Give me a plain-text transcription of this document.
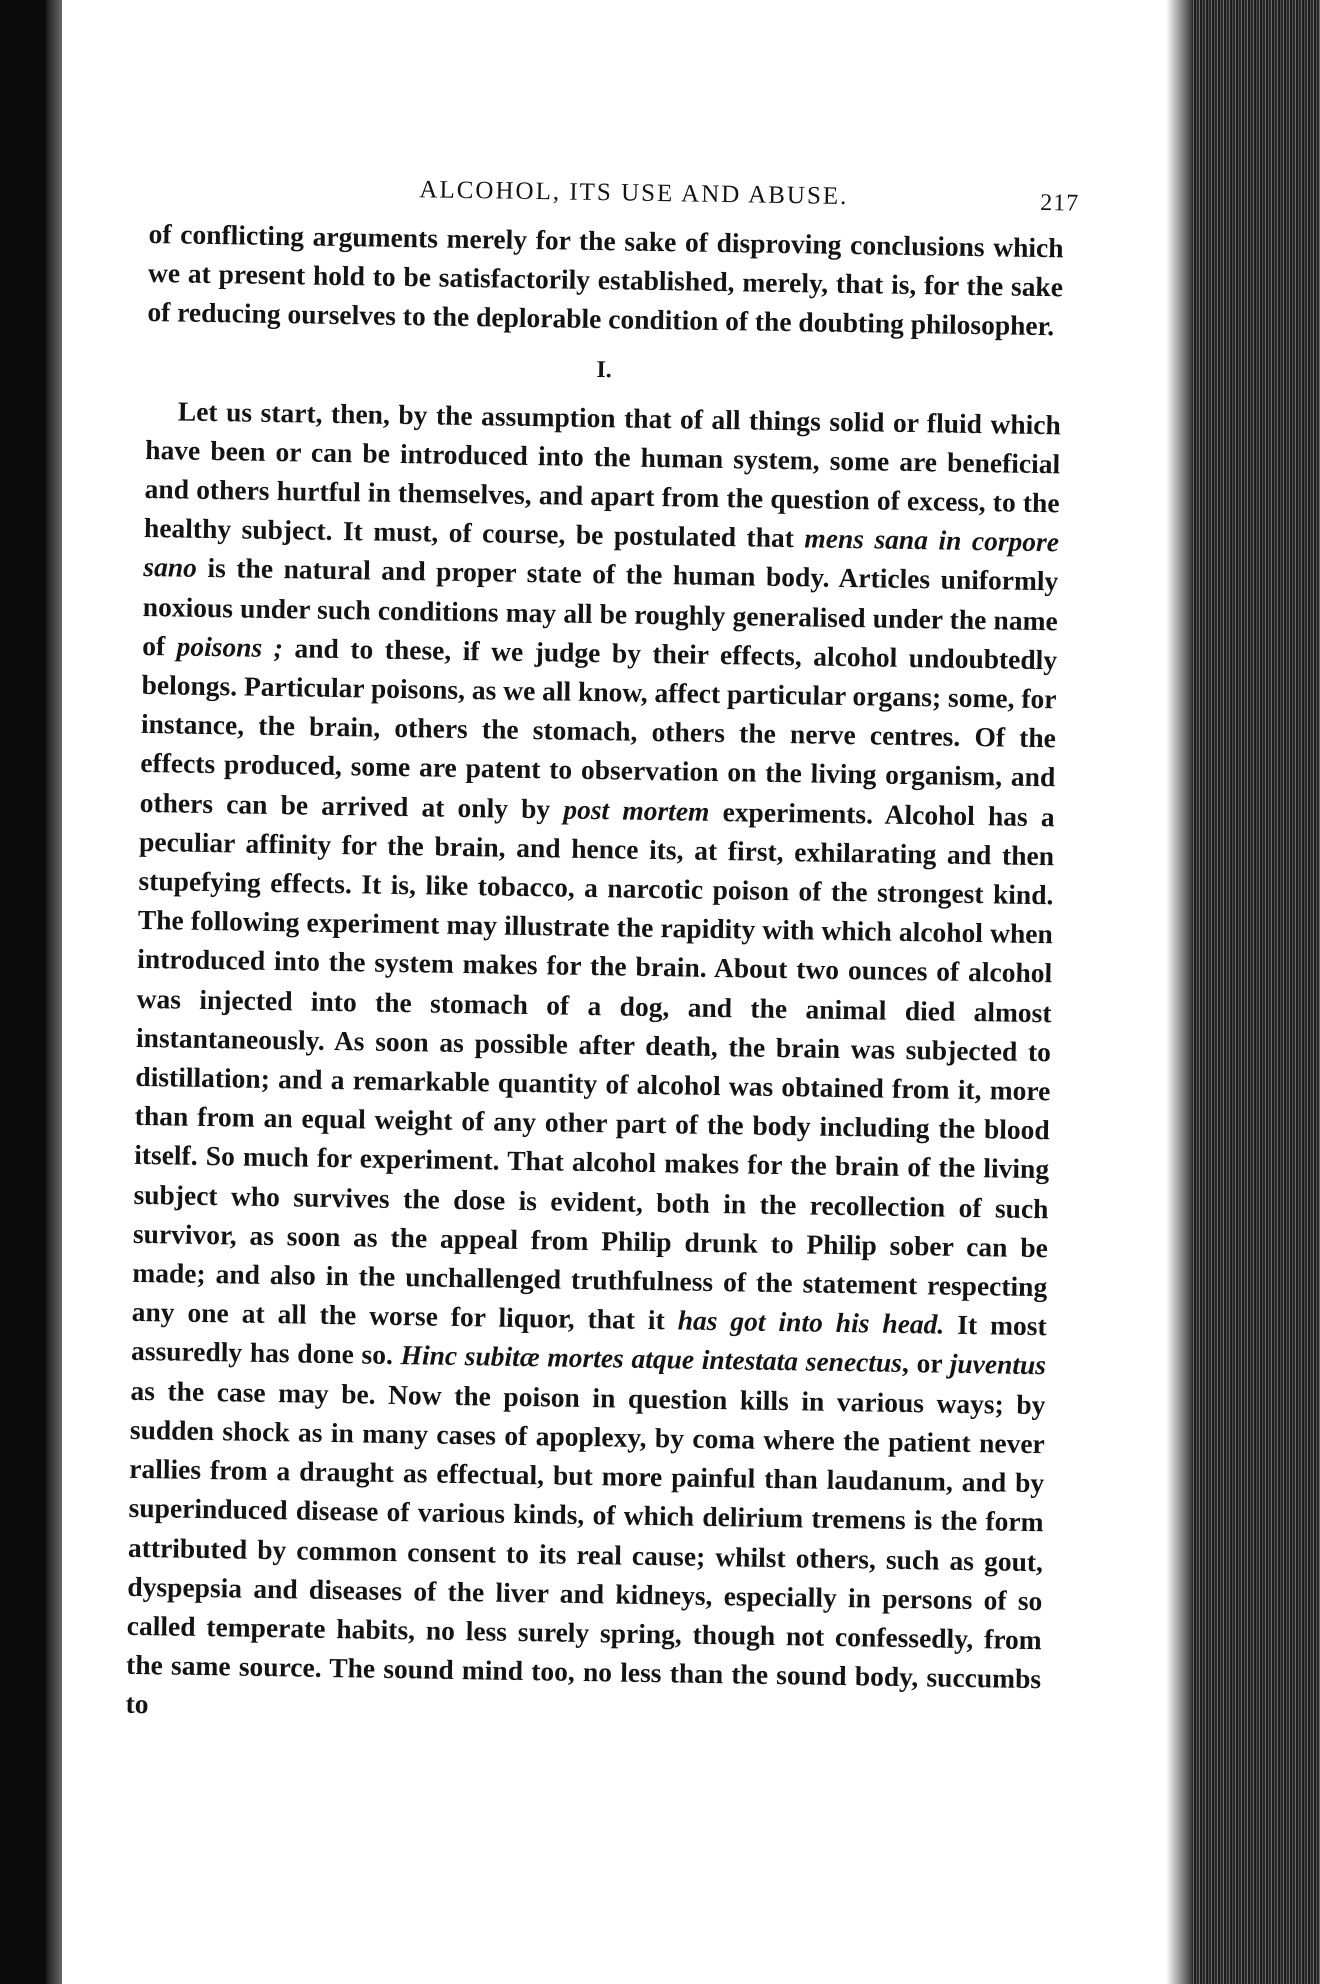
ALCOHOL, ITS USE AND ABUSE.	217

of conflicting arguments merely for the sake of disproving conclusions which we at present hold to be satisfactorily established, merely, that is, for the sake of reducing ourselves to the deplorable condition of the doubting philosopher.

I.

Let us start, then, by the assumption that of all things solid or fluid which have been or can be introduced into the human system, some are beneficial and others hurtful in themselves, and apart from the question of excess, to the healthy subject. It must, of course, be postulated that mens sana in corpore sano is the natural and proper state of the human body. Articles uniformly noxious under such conditions may all be roughly generalised under the name of poisons ; and to these, if we judge by their effects, alcohol undoubtedly belongs. Particular poisons, as we all know, affect particular organs; some, for instance, the brain, others the stomach, others the nerve centres. Of the effects produced, some are patent to observation on the living organism, and others can be arrived at only by post mortem experiments. Alcohol has a peculiar affinity for the brain, and hence its, at first, exhilarating and then stupefying effects. It is, like tobacco, a narcotic poison of the strongest kind. The following experiment may illustrate the rapidity with which alcohol when introduced into the system makes for the brain. About two ounces of alcohol was injected into the stomach of a dog, and the animal died almost instantaneously. As soon as possible after death, the brain was subjected to distillation; and a remarkable quantity of alcohol was obtained from it, more than from an equal weight of any other part of the body including the blood itself. So much for experiment. That alcohol makes for the brain of the living subject who survives the dose is evident, both in the recollection of such survivor, as soon as the appeal from Philip drunk to Philip sober can be made; and also in the unchallenged truthfulness of the statement respecting any one at all the worse for liquor, that it has got into his head. It most assuredly has done so. Hinc subitæ mortes atque intestata senectus, or juventus as the case may be. Now the poison in question kills in various ways; by sudden shock as in many cases of apoplexy, by coma where the patient never rallies from a draught as effectual, but more painful than laudanum, and by superinduced disease of various kinds, of which delirium tremens is the form attributed by common consent to its real cause; whilst others, such as gout, dyspepsia and diseases of the liver and kidneys, especially in persons of so called temperate habits, no less surely spring, though not confessedly, from the same source. The sound mind too, no less than the sound body, succumbs to
